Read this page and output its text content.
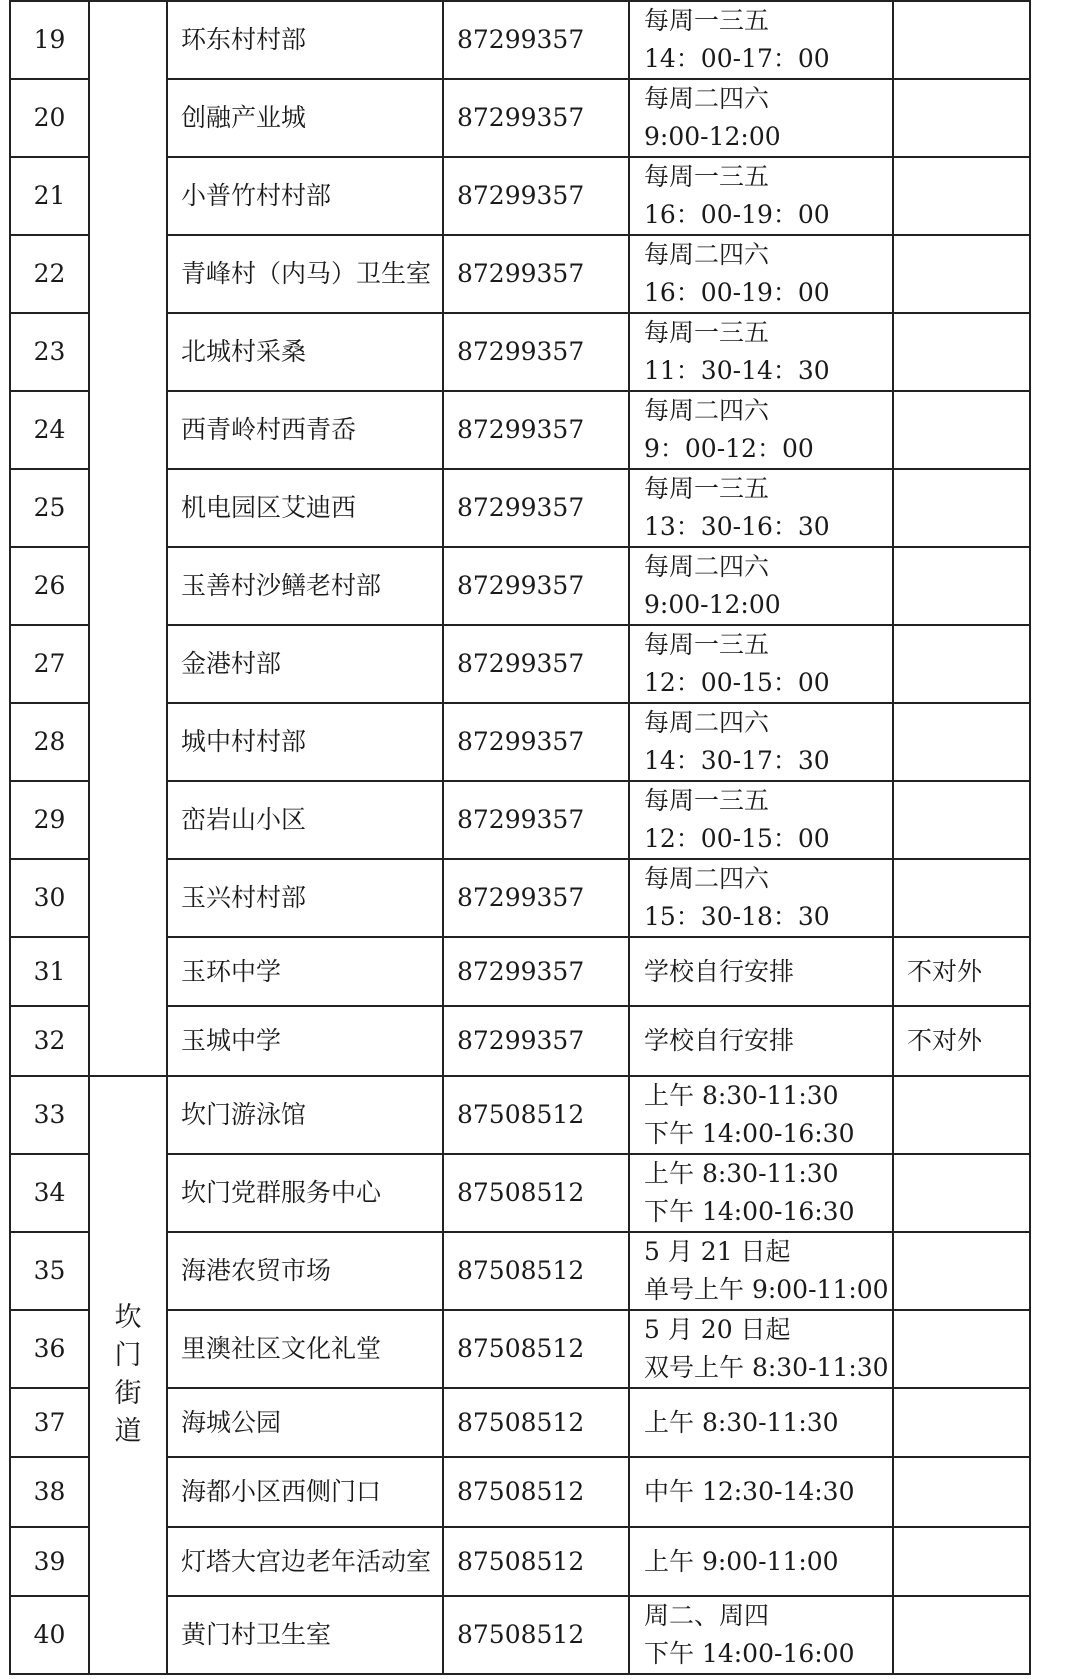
19		环东村村部	87299357	每周一三五
14：00-17：00	

20		创融产业城	87299357	每周二四六
9:00-12:00	

21		小普竹村村部	87299357	每周一三五
16：00-19：00	

22		青峰村（内马）卫生室	87299357	每周二四六
16：00-19：00	

23		北城村采桑	87299357	每周一三五
11：30-14：30	

24		西青岭村西青岙	87299357	每周二四六
9：00-12：00	

25		机电园区艾迪西	87299357	每周一三五
13：30-16：30	

26		玉善村沙鳝老村部	87299357	每周二四六
9:00-12:00	

27		金港村部	87299357	每周一三五
12：00-15：00	

28		城中村村部	87299357	每周二四六
14：30-17：30	

29		峦岩山小区	87299357	每周一三五
12：00-15：00	

30		玉兴村村部	87299357	每周二四六
15：30-18：30	

31		玉环中学	87299357	学校自行安排	不对外
32		玉城中学	87299357	学校自行安排	不对外
33	坎门街道	坎门游泳馆	87508512	上午 8:30-11:30
下午 14:00-16:30	

34		坎门党群服务中心	87508512	上午 8:30-11:30
下午 14:00-16:30	

35		海港农贸市场	87508512	5 月 21 日起
单号上午 9:00-11:00	

36		里澳社区文化礼堂	87508512	5 月 20 日起
双号上午 8:30-11:30	

37		海城公园	87508512	上午 8:30-11:30	

38		海都小区西侧门口	87508512	中午 12:30-14:30	

39		灯塔大宫边老年活动室	87508512	上午 9:00-11:00	

40		黄门村卫生室	87508512	周二、周四
下午 14:00-16:00	
